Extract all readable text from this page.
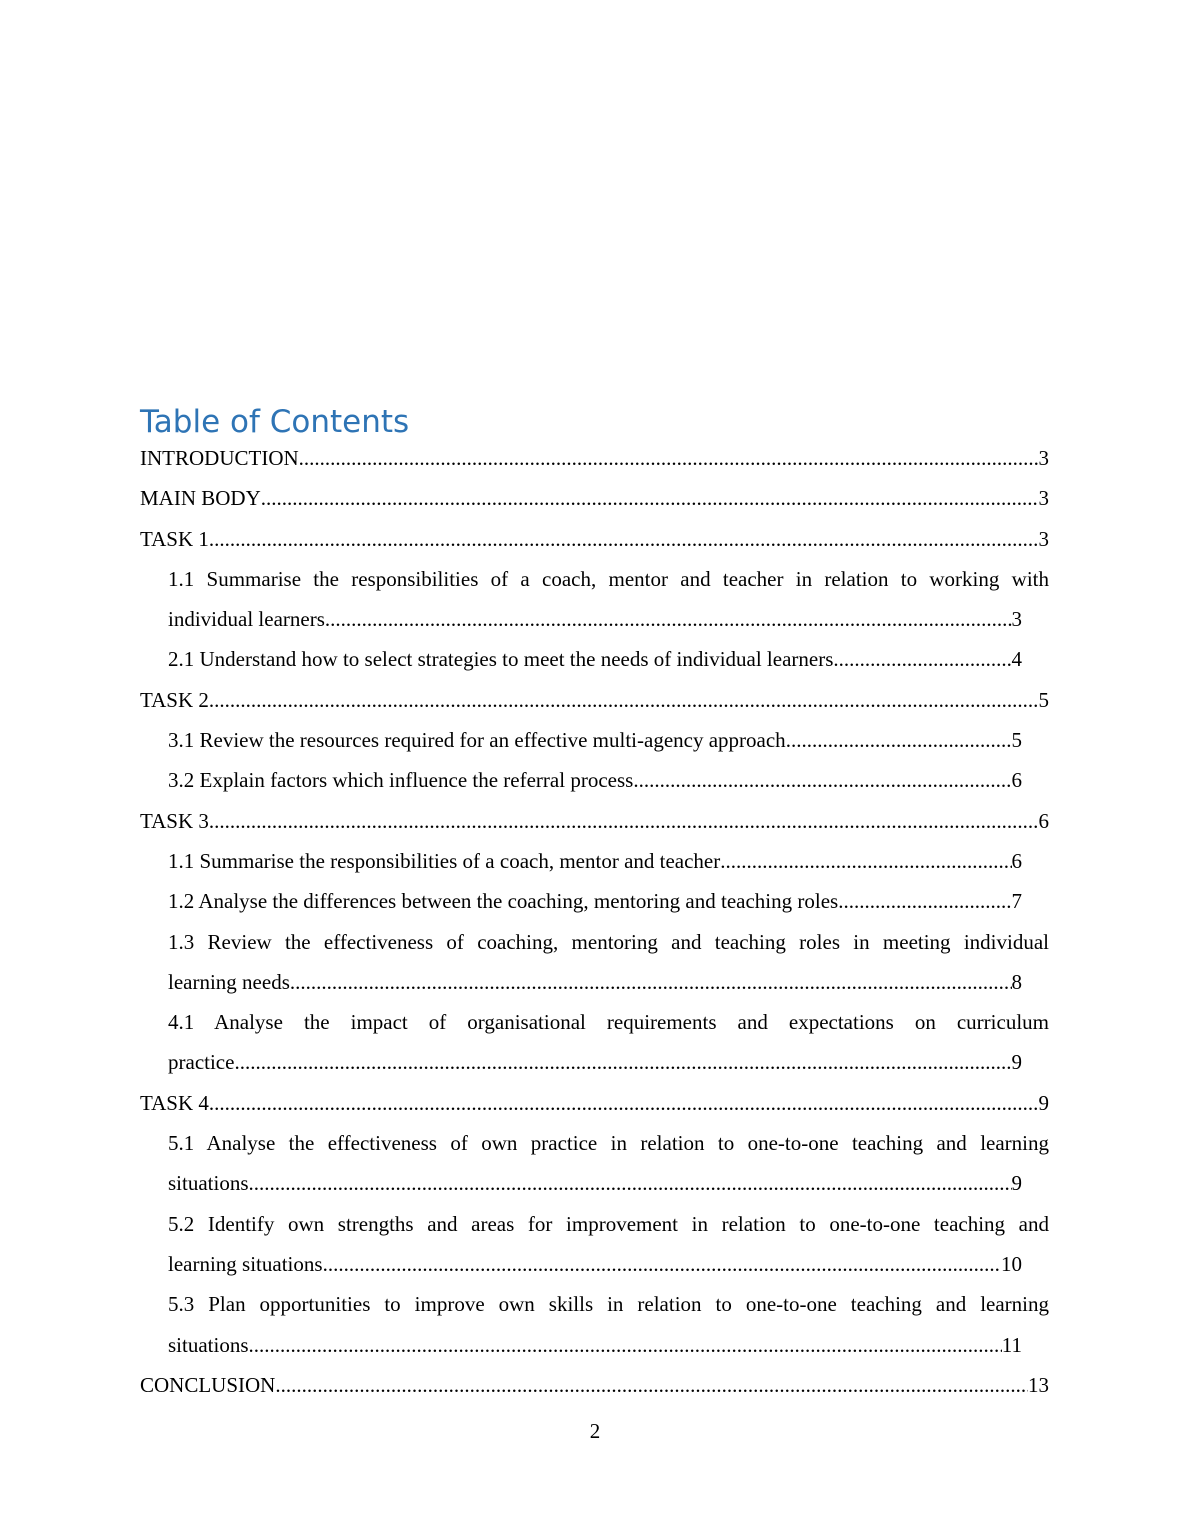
Table of Contents
INTRODUCTION .....	3
MAIN BODY .....	3
TASK 1 .....	3
1.1 Summarise the responsibilities of a coach, mentor and teacher in relation to working with
individual learners .....	3
2.1 Understand how to select strategies to meet the needs of individual learners .....	4
TASK 2 .....	5
3.1 Review the resources required for an effective multi-agency approach .....	5
3.2 Explain factors which influence the referral process .....	6
TASK 3 .....	6
1.1 Summarise the responsibilities of a coach, mentor and teacher .....	6
1.2 Analyse the differences between the coaching, mentoring and teaching roles .....	7
1.3 Review the effectiveness of coaching, mentoring and teaching roles in meeting individual
learning needs .....	8
4.1 Analyse the impact of organisational requirements and expectations on curriculum
practice .....	9
TASK 4 .....	9
5.1 Analyse the effectiveness of own practice in relation to one-to-one teaching and learning
situations .....	9
5.2 Identify own strengths and areas for improvement in relation to one-to-one teaching and
learning situations .....	10
5.3 Plan opportunities to improve own skills in relation to one-to-one teaching and learning
situations .....	11
CONCLUSION .....	13
2
